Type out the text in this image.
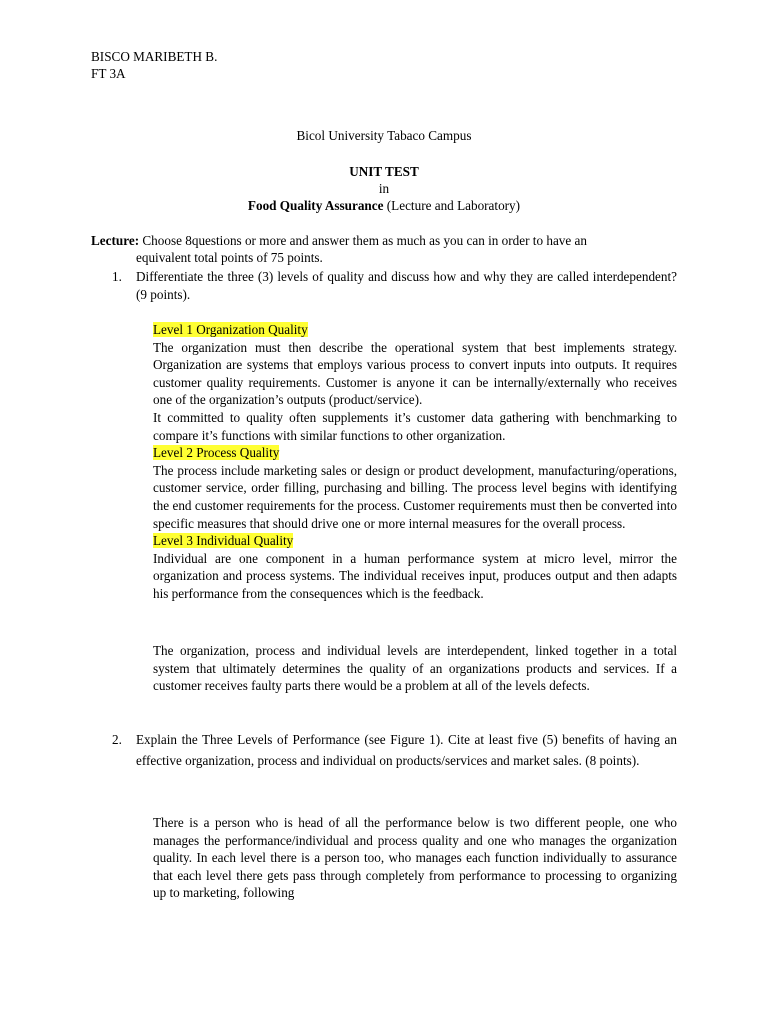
BISCO MARIBETH B.
FT 3A
Bicol University Tabaco Campus
UNIT TEST
in
Food Quality Assurance (Lecture and Laboratory)
Lecture: Choose 8questions or more and answer them as much as you can in order to have an
equivalent total points of 75 points.
1. Differentiate the three (3) levels of quality and discuss how and why they are called interdependent? (9 points).
Level 1 Organization Quality

The organization must then describe the operational system that best implements strategy. Organization are systems that employs various process to convert inputs into outputs. It requires customer quality requirements. Customer is anyone it can be internally/externally who receives one of the organization’s outputs (product/service).

It committed to quality often supplements it’s customer data gathering with benchmarking to compare it’s functions with similar functions to other organization.

Level 2 Process Quality

The process include marketing sales or design or product development, manufacturing/operations, customer service, order filling, purchasing and billing. The process level begins with identifying the end customer requirements for the process. Customer requirements must then be converted into specific measures that should drive one or more internal measures for the overall process.

Level 3 Individual Quality

Individual are one component in a human performance system at micro level, mirror the organization and process systems. The individual receives input, produces output and then adapts his performance from the consequences which is the feedback.

The organization, process and individual levels are interdependent, linked together in a total system that ultimately determines the quality of an organizations products and services. If a customer receives faulty parts there would be a problem at all of the levels defects.
2. Explain the Three Levels of Performance (see Figure 1). Cite at least five (5) benefits of having an effective organization, process and individual on products/services and market sales. (8 points).
There is a person who is head of all the performance below is two different people, one who manages the performance/individual and process quality and one who manages the organization quality. In each level there is a person too, who manages each function individually to assurance that each level there gets pass through completely from performance to processing to organizing up to marketing, following
